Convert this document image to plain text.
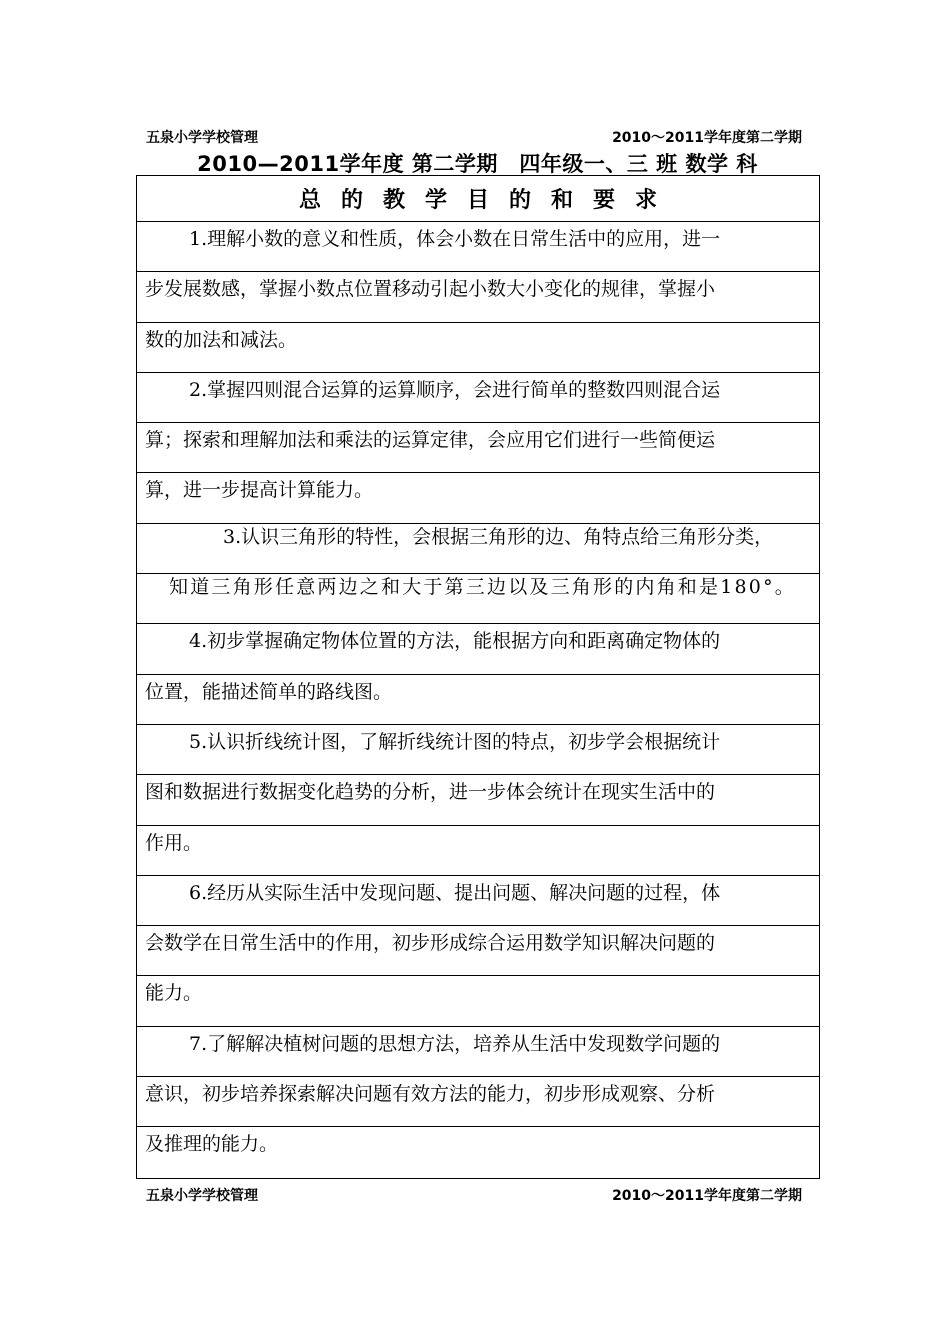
五泉小学学校管理	2010～2011学年度第二学期
2010—2011学年度 第二学期　四年级一、三 班 数学 科
总的教学目的和要求
1.理解小数的意义和性质，体会小数在日常生活中的应用，进一
步发展数感，掌握小数点位置移动引起小数大小变化的规律，掌握小
数的加法和减法。
2.掌握四则混合运算的运算顺序，会进行简单的整数四则混合运
算；探索和理解加法和乘法的运算定律，会应用它们进行一些简便运
算，进一步提高计算能力。
3.认识三角形的特性，会根据三角形的边、角特点给三角形分类，
知道三角形任意两边之和大于第三边以及三角形的内角和是180°。
4.初步掌握确定物体位置的方法，能根据方向和距离确定物体的
位置，能描述简单的路线图。
5.认识折线统计图，了解折线统计图的特点，初步学会根据统计
图和数据进行数据变化趋势的分析，进一步体会统计在现实生活中的
作用。
6.经历从实际生活中发现问题、提出问题、解决问题的过程，体
会数学在日常生活中的作用，初步形成综合运用数学知识解决问题的
能力。
7.了解解决植树问题的思想方法，培养从生活中发现数学问题的
意识，初步培养探索解决问题有效方法的能力，初步形成观察、分析
及推理的能力。
五泉小学学校管理	2010～2011学年度第二学期
